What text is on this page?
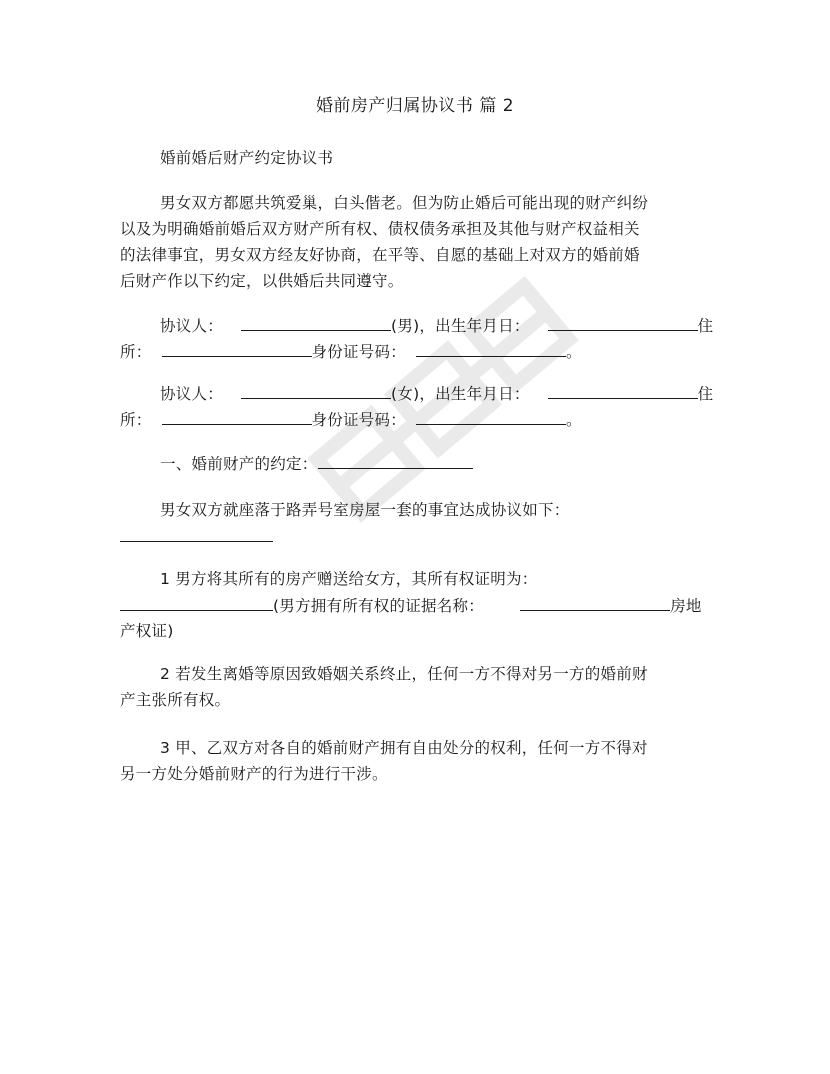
婚前房产归属协议书 篇 2
婚前婚后财产约定协议书
男女双方都愿共筑爱巢，白头偕老。但为防止婚后可能出现的财产纠纷
以及为明确婚前婚后双方财产所有权、债权债务承担及其他与财产权益相关
的法律事宜，男女双方经友好协商，在平等、自愿的基础上对双方的婚前婚
后财产作以下约定，以供婚后共同遵守。
协议人：	(男)，出生年月日：	住
所：	身份证号码：	。
协议人：	(女)，出生年月日：	住
所：	身份证号码：	。
一、婚前财产的约定：
男女双方就座落于路弄号室房屋一套的事宜达成协议如下：
1 男方将其所有的房产赠送给女方，其所有权证明为：
(男方拥有所有权的证据名称：	房地
产权证)
2 若发生离婚等原因致婚姻关系终止，任何一方不得对另一方的婚前财
产主张所有权。
3 甲、乙双方对各自的婚前财产拥有自由处分的权利，任何一方不得对
另一方处分婚前财产的行为进行干涉。
